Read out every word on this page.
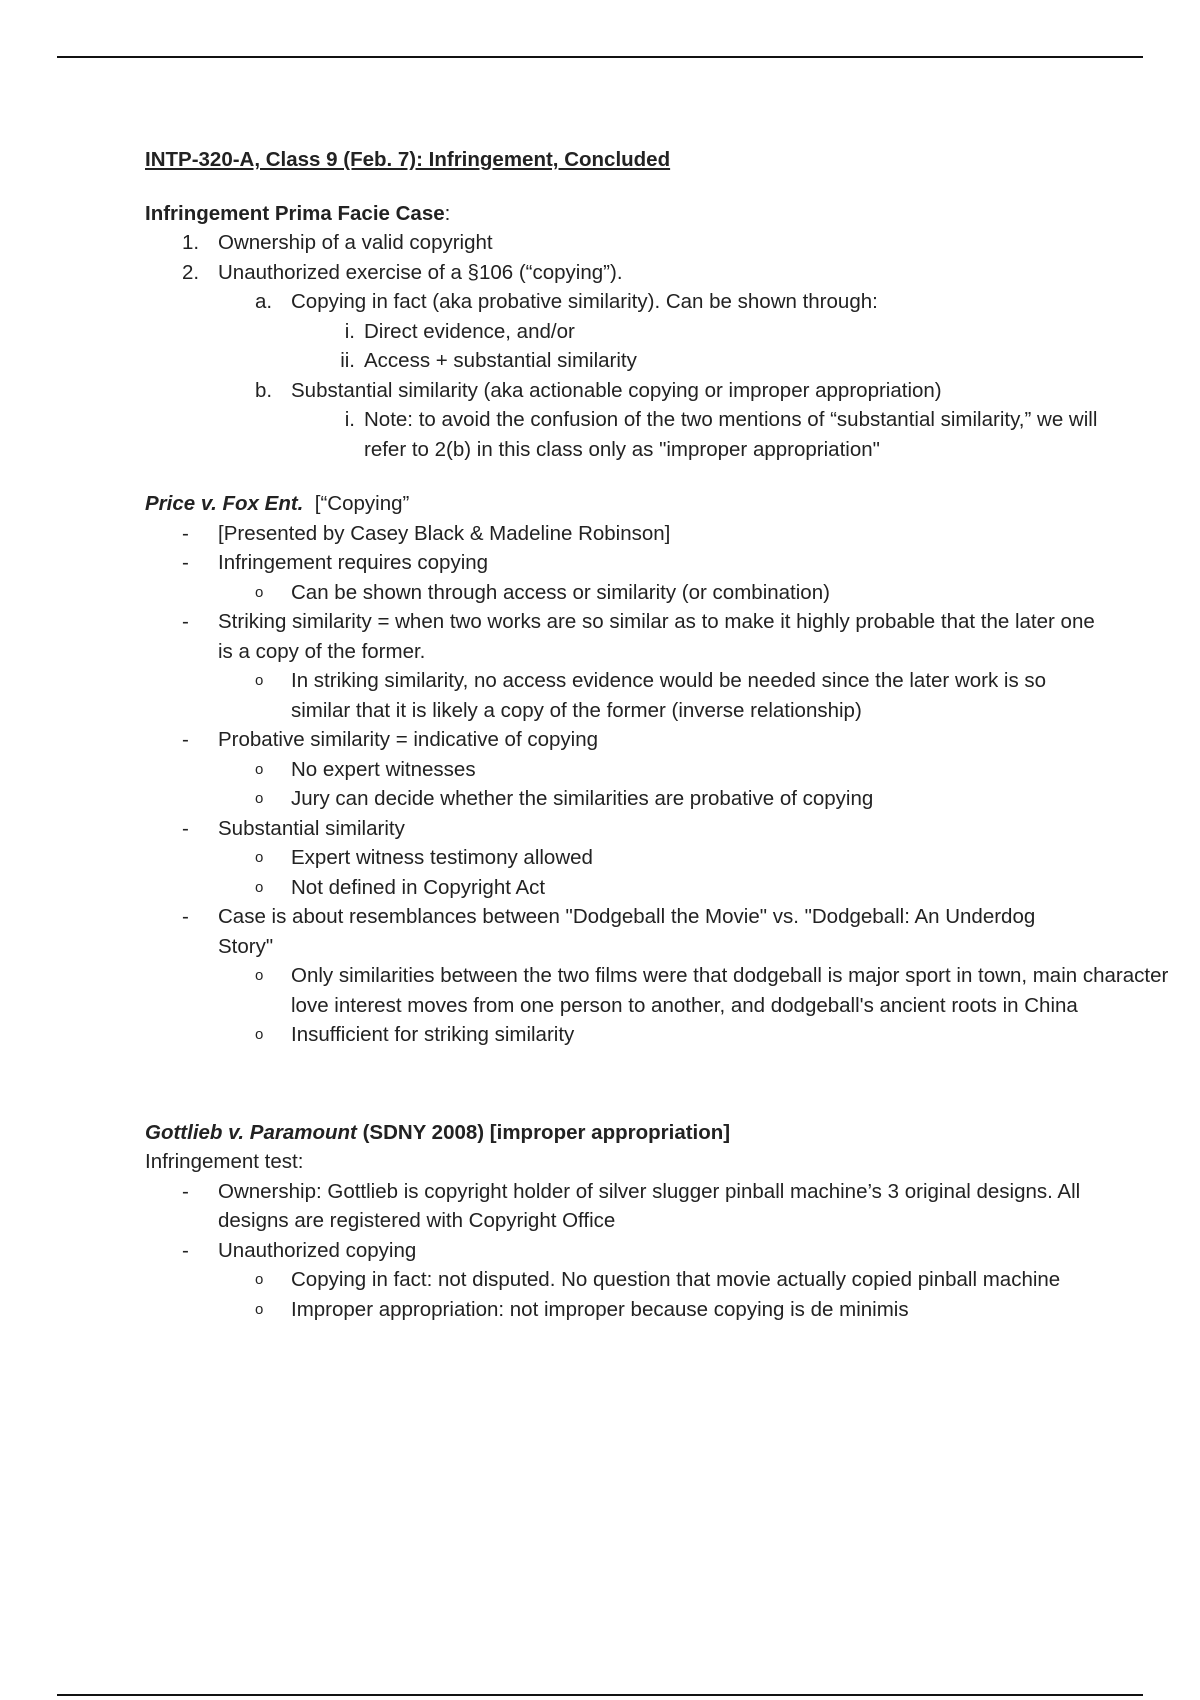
INTP-320-A, Class 9 (Feb. 7): Infringement, Concluded

Infringement Prima Facie Case:

1. Ownership of a valid copyright
2. Unauthorized exercise of a §106 (“copying”).
a. Copying in fact (aka probative similarity). Can be shown through:
i. Direct evidence, and/or
ii. Access + substantial similarity
b. Substantial similarity (aka actionable copying or improper appropriation)
i. Note: to avoid the confusion of the two mentions of “substantial similarity,” we will refer to 2(b) in this class only as "improper appropriation"

Price v. Fox Ent. [“Copying”

- [Presented by Casey Black & Madeline Robinson]
- Infringement requires copying
o Can be shown through access or similarity (or combination)
- Striking similarity = when two works are so similar as to make it highly probable that the later one is a copy of the former.
o In striking similarity, no access evidence would be needed since the later work is so similar that it is likely a copy of the former (inverse relationship)
- Probative similarity = indicative of copying
o No expert witnesses
o Jury can decide whether the similarities are probative of copying
- Substantial similarity
o Expert witness testimony allowed
o Not defined in Copyright Act
- Case is about resemblances between "Dodgeball the Movie" vs. "Dodgeball: An Underdog Story"
o Only similarities between the two films were that dodgeball is major sport in town, main character love interest moves from one person to another, and dodgeball's ancient roots in China
o Insufficient for striking similarity

Gottlieb v. Paramount (SDNY 2008) [improper appropriation]

Infringement test:

- Ownership: Gottlieb is copyright holder of silver slugger pinball machine’s 3 original designs. All designs are registered with Copyright Office
- Unauthorized copying
o Copying in fact: not disputed. No question that movie actually copied pinball machine
o Improper appropriation: not improper because copying is de minimis
